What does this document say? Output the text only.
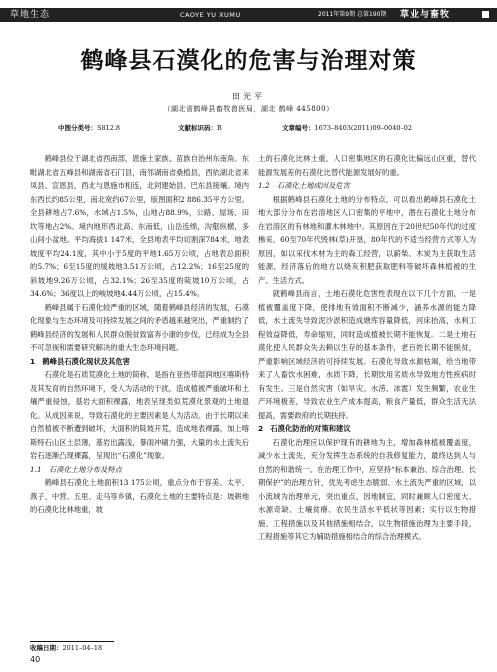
草地生态	CAOYE YU XUMU	2011年第9期 总第190期 草业与畜牧
鹤峰县石漠化的危害与治理对策
田光平
（湖北省鹤峰县畜牧兽医局，湖北 鹤峰 445800）
中图分类号：S812.8	文献标识码：B	文章编号：1673–8403(2011)09–0040–02

鹤峰县位于湖北省西南部，恩施土家族、苗族自治州东南角。东毗湖北省五峰县和湖南省石门县，南邻湖南省桑植县，西依湖北省来凤县、宣恩县，西北与恩施市相连，北同建始县、巴东县接壤。境内东西长约85公里，南北宽约67公里，版图面积2 886.35平方公里。全县耕地占7.6%，水域占1.5%，山地占88.9%，公路、屋场、田坎等地占2%。境内地形西北高、东南低，山岳连绵，沟壑纵横，多山间小盆地。平均海拔1 147米，全县地表平均切割深784米，地表坡度平均24.1度，其中小于5度的平地1.65万公顷，占地表总面积的5.7%；6至15度的缓坡地3.51万公顷，占12.2%；16至25度的斜坡地9.26万公顷，占32.1%；26至35度的陡坡10万公顷，占34.6%；36度以上的峻坡地4.44万公顷，占15.4%。

鹤峰县属于石漠化较严重的区域，随着鹤峰县经济的发展，石漠化现象与生态环境及可持续发展之间的矛盾越来越突出，严重制约了鹤峰县经济的发展和人民群众脱贫致富奔小康的步伐，已经成为全县不可忽视和需要研究解决的重大生态环境问题。

1　鹤峰县石漠化现状及其危害

石漠化是石质荒漠化土地的简称，是指在亚热带湿润地区喀斯特及其发育的自然环境下，受人为活动的干扰，造成植被严重破坏和土壤严重侵蚀，基岩大面积裸露，地表呈现类似荒漠化景观的土地退化。从成因来说，导致石漠化的主要因素是人为活动。由于长期以来自然植被不断遭到破坏，大面积的陡坡开荒，造成地表裸露，加上喀斯特石山区土层薄，基岩出露浅，暴雨冲刷力强，大量的水土流失后岩石逐渐凸现裸露，呈现出“石漠化”现象。

1.1　石漠化土地分布及特点

鹤峰县石漠化土地面积13 175公顷，重点分布于容美、太平、燕子、中营、五里、走马等乡镇，石漠化土地的主要特点是：坡耕地的石漠化比林地重，坡

土的石漠化比林土重，人口密集地区的石漠化比偏远山区重，替代能源发展差的石漠化比替代能源发展好的重。

1.2　石漠化土地成因及危害

根据鹤峰县石漠化土地的分布特点，可以看出鹤峰县石漠化土地大部分分布在岩溶地区人口密集的平地中，潜在石漠化土地分布在岩溶区的有林地和灌木林地中。其原因在于20世纪50年代的过度樵采，60至70年代毁林(草)开垦，80年代的不适当经营方式等人为原因，如以采伐木材为主的森工经营，以薪柴、木炭为主获取生活能源，经济落后的地方以烧灰积肥获取肥料等破坏森林植被的生产、生活方式。

就鹤峰县而言，土地石漠化危害性表现在以下几个方面，一是植被覆盖度下降，使排地有效面积不断减少，涵养水源的能力降低，水土流失导致泥沙淤积造成塘库容量降低，河床抬高，水利工程效益降低，寿命缩短，同时造成植被长期不能恢复。二是土地石漠化使人民群众失去赖以生存的基本条件，老百姓长期不能脱贫，严重影响区域经济的可持续发展。石漠化导致水源枯竭，给当地带来了人畜饮水困难，水质下降，长期饮用劣质水导致地方性疾病时有发生。三是自然灾害（如旱灾、水涝、冰雹）发生频繁，农业生产环境极差，导致农业生产成本提高，粮食产量低，群众生活无法提高，需要政府的长期扶持。

2　石漠化防治的对策和建议

石漠化治理应以保护现有的耕地为主，增加森林植被覆盖度，减少水土流失，充分发挥生态系统的自我修复能力，最终达到人与自然的和谐统一。在治理工作中，应坚持“标本兼治、综合治理、长期保护”的治理方针，优先考虑生态脆弱、水土流失严重的区域，以小流域为治理单元，突出重点，因地制宜，同时兼顾人口密度大、水源奇缺、土壤贫瘠、农民生活水平低状等因素；实行以生物措施、工程措施以及其他措施相结合，以生物措施治理为主要手段，工程措施等其它为辅助措施相结合的综合治理模式。

收稿日期：2011–04–18
40
